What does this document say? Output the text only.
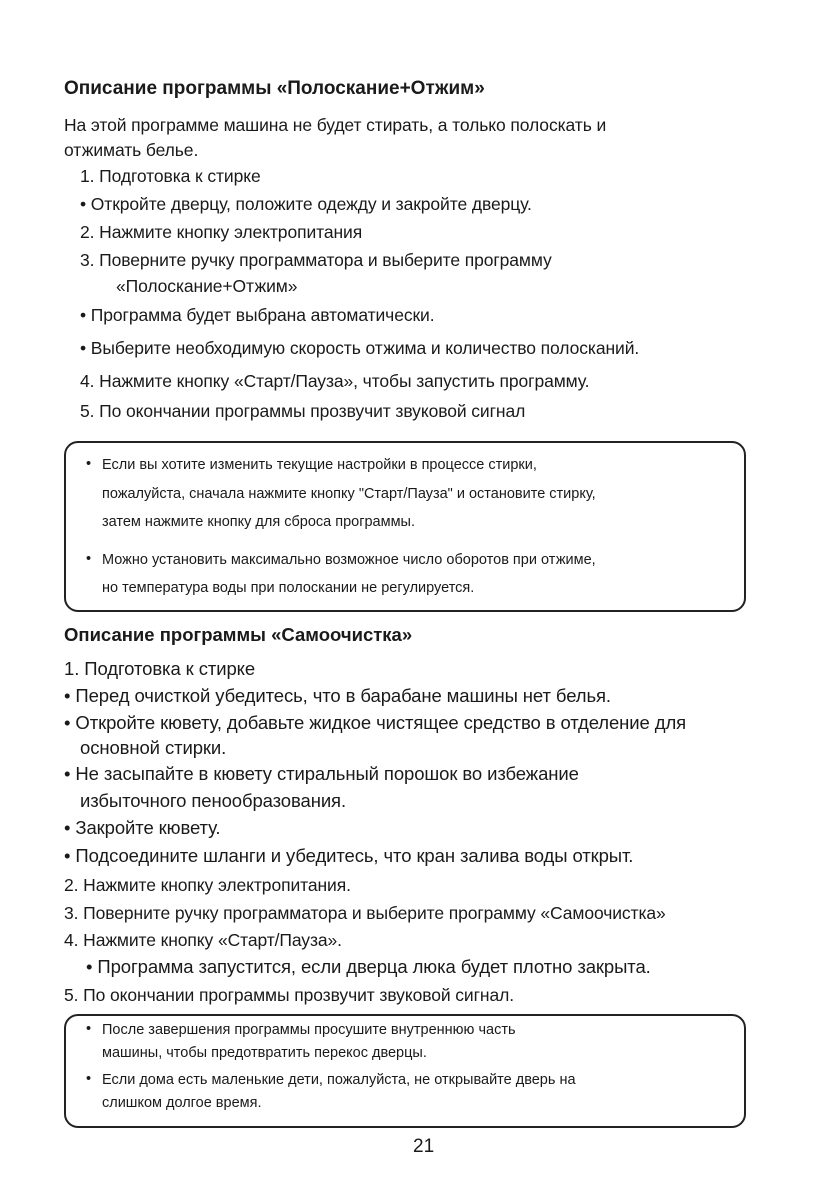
Описание программы «Полоскание+Отжим»
На этой программе машина не будет стирать, а только полоскать и
отжимать белье.
1. Подготовка к стирке
• Откройте дверцу, положите одежду и закройте дверцу.
2. Нажмите кнопку электропитания
3. Поверните ручку программатора и выберите программу
«Полоскание+Отжим»
• Программа будет выбрана автоматически.
• Выберите необходимую скорость отжима и количество полосканий.
4. Нажмите кнопку «Старт/Пауза», чтобы запустить программу.
5. По окончании программы прозвучит звуковой сигнал
• Если вы хотите изменить текущие настройки в процессе стирки,
пожалуйста, сначала нажмите кнопку "Старт/Пауза" и остановите стирку,
затем нажмите кнопку для сброса программы.
• Можно установить максимально возможное число оборотов при отжиме,
но температура воды при полоскании не регулируется.
Описание программы «Самоочистка»
1. Подготовка к стирке
• Перед очисткой убедитесь, что в барабане машины нет белья.
• Откройте кювету, добавьте жидкое чистящее средство в отделение для
основной стирки.
• Не засыпайте в кювету стиральный порошок во избежание
избыточного пенообразования.
• Закройте кювету.
• Подсоедините шланги и убедитесь, что кран залива воды открыт.
2. Нажмите кнопку электропитания.
3. Поверните ручку программатора и выберите программу «Самоочистка»
4. Нажмите кнопку «Старт/Пауза».
• Программа запустится, если дверца люка будет плотно закрыта.
5. По окончании программы прозвучит звуковой сигнал.
• После завершения программы просушите внутреннюю часть
машины, чтобы предотвратить перекос дверцы.
• Если дома есть маленькие дети, пожалуйста, не открывайте дверь на
слишком долгое время.
21
